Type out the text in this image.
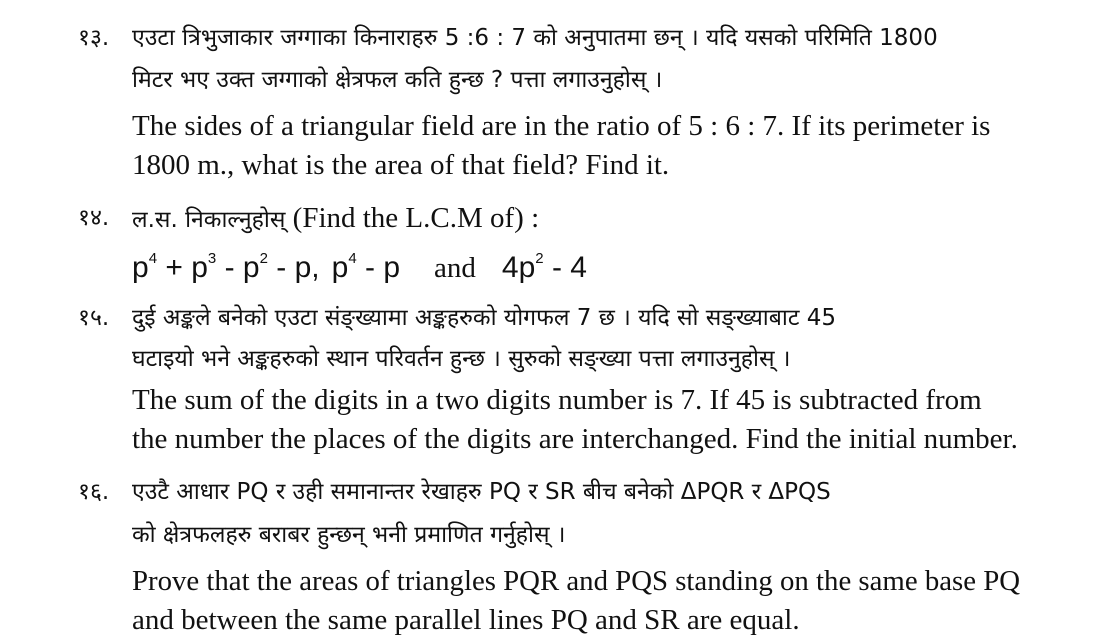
१३. एउटा त्रिभुजाकार जग्गाका किनाराहरु 5 :6 : 7 को अनुपातमा छन् । यदि यसको परिमिति 1800
मिटर भए उक्त जग्गाको क्षेत्रफल कति हुन्छ ? पत्ता लगाउनुहोस् ।
The sides of a triangular field are in the ratio of 5 : 6 : 7. If its perimeter is
1800 m., what is the area of that field? Find it.
१४. ल.स. निकाल्नुहोस् (Find the L.C.M of) :
$p^4 + p^3 - p^2 - p$, $p^4$ - p and $4p^2 - 4$
१५. दुई अङ्कले बनेको एउटा संङ्ख्यामा अङ्कहरुको योगफल 7 छ । यदि सो सङ्ख्याबाट 45
घटाइयो भने अङ्कहरुको स्थान परिवर्तन हुन्छ । सुरुको सङ्ख्या पत्ता लगाउनुहोस् ।
The sum of the digits in a two digits number is 7. If 45 is subtracted from
the number the places of the digits are interchanged. Find the initial number.
१६. एउटै आधार PQ र उही समानान्तर रेखाहरु PQ र SR बीच बनेको ΔPQR र ΔPQS
को क्षेत्रफलहरु बराबर हुन्छन् भनी प्रमाणित गर्नुहोस् ।
Prove that the areas of triangles PQR and PQS standing on the same base PQ
and between the same parallel lines PQ and SR are equal.
